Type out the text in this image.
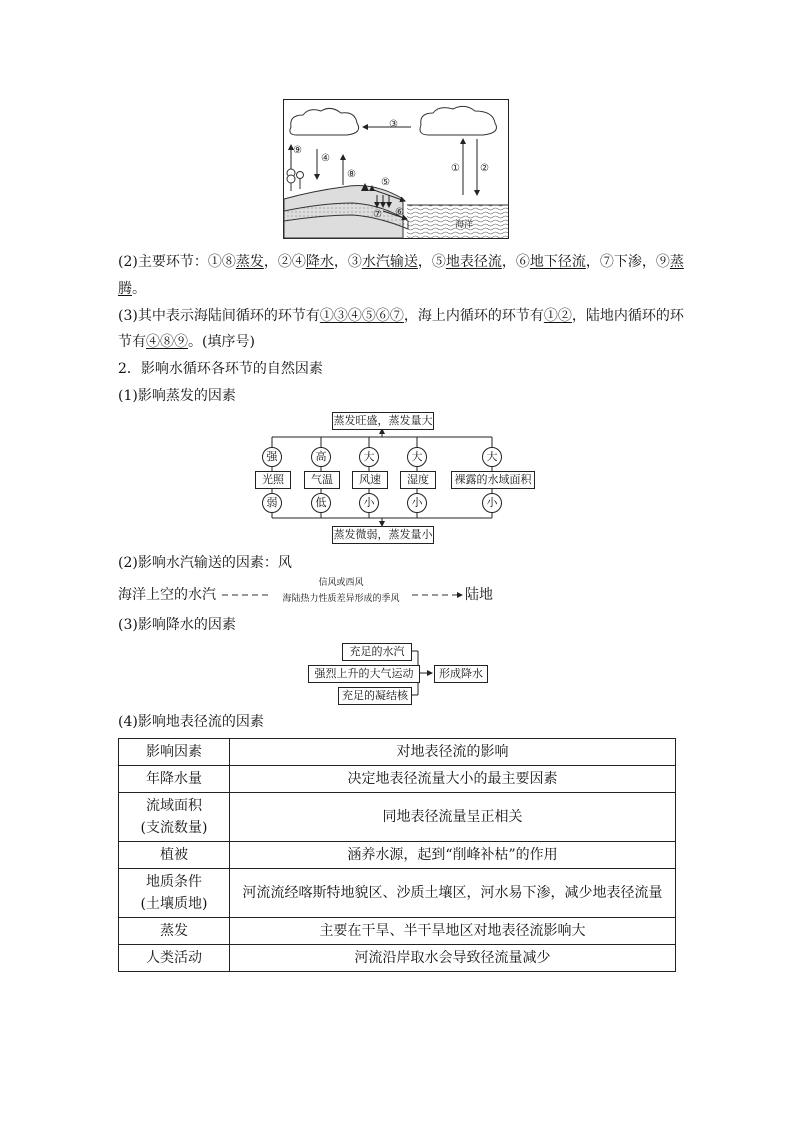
③
⑨
④
⑧
① ②
⑤
⑦ ⑥
海洋
(2)主要环节：①⑧蒸发，②④降水，③水汽输送，⑤地表径流，⑥地下径流，⑦下渗，⑨蒸
腾。
(3)其中表示海陆间循环的环节有①③④⑤⑥⑦，海上内循环的环节有①②，陆地内循环的环
节有④⑧⑨。(填序号)
2．影响水循环各环节的自然因素
(1)影响蒸发的因素
蒸发旺盛，蒸发量大
强	高	大	大	大
光照	气温	风速	湿度	裸露的水域面积
弱	低	小	小	小
蒸发微弱，蒸发量小
(2)影响水汽输送的因素：风
海洋上空的水汽
信风或西风
海陆热力性质差异形成的季风	陆地
(3)影响降水的因素
充足的水汽
强烈上升的大气运动
充足的凝结核
形成降水
(4)影响地表径流的因素
影响因素	对地表径流的影响
年降水量	决定地表径流量大小的最主要因素

流域面积
(支流数量)	同地表径流量呈正相关
植被	涵养水源，起到“削峰补枯”的作用

地质条件
(土壤质地)	河流流经喀斯特地貌区、沙质土壤区，河水易下渗，减少地表径流量
蒸发	主要在干旱、半干旱地区对地表径流影响大
人类活动	河流沿岸取水会导致径流量减少
